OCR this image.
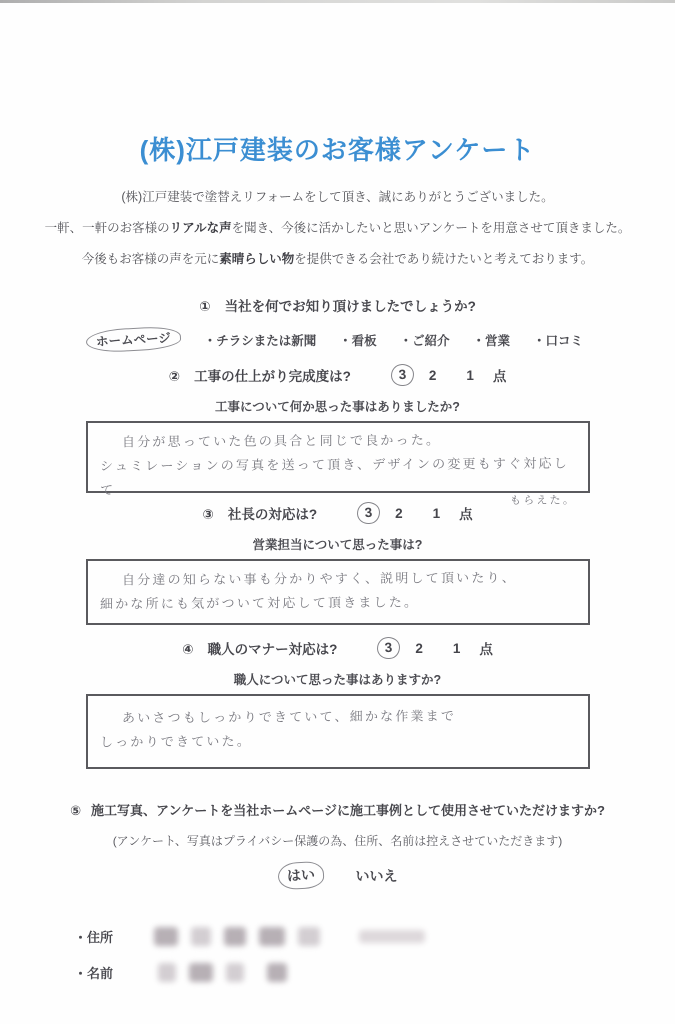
(株)江戸建装のお客様アンケート
(株)江戸建装で塗替えリフォームをして頂き、誠にありがとうございました。
一軒、一軒のお客様のリアルな声を聞き、今後に活かしたいと思いアンケートを用意させて頂きました。
今後もお客様の声を元に素晴らしい物を提供できる会社であり続けたいと考えております。
① 当社を何でお知り頂けましたでしょうか?
ホームページ	・チラシまたは新聞 ・看板 ・ご紹介 ・営業 ・口コミ
② 工事の仕上がり完成度は?	3	2 1 点
工事について何か思った事はありましたか?
自分が思っていた色の具合と同じで良かった。
シュミレーションの写真を送って頂き、デザインの変更もすぐ対応して
もらえた。
③ 社長の対応は?	3	2 1 点
営業担当について思った事は?
自分達の知らない事も分かりやすく、説明して頂いたり、
細かな所にも気がついて対応して頂きました。
④ 職人のマナー対応は?	3	2 1 点
職人について思った事はありますか?
あいさつもしっかりできていて、細かな作業まで
しっかりできていた。
⑤ 施工写真、アンケートを当社ホームページに施工事例として使用させていただけますか?
(アンケート、写真はプライバシー保護の為、住所、名前は控えさせていただきます)
はい	いいえ
・住所
・名前
